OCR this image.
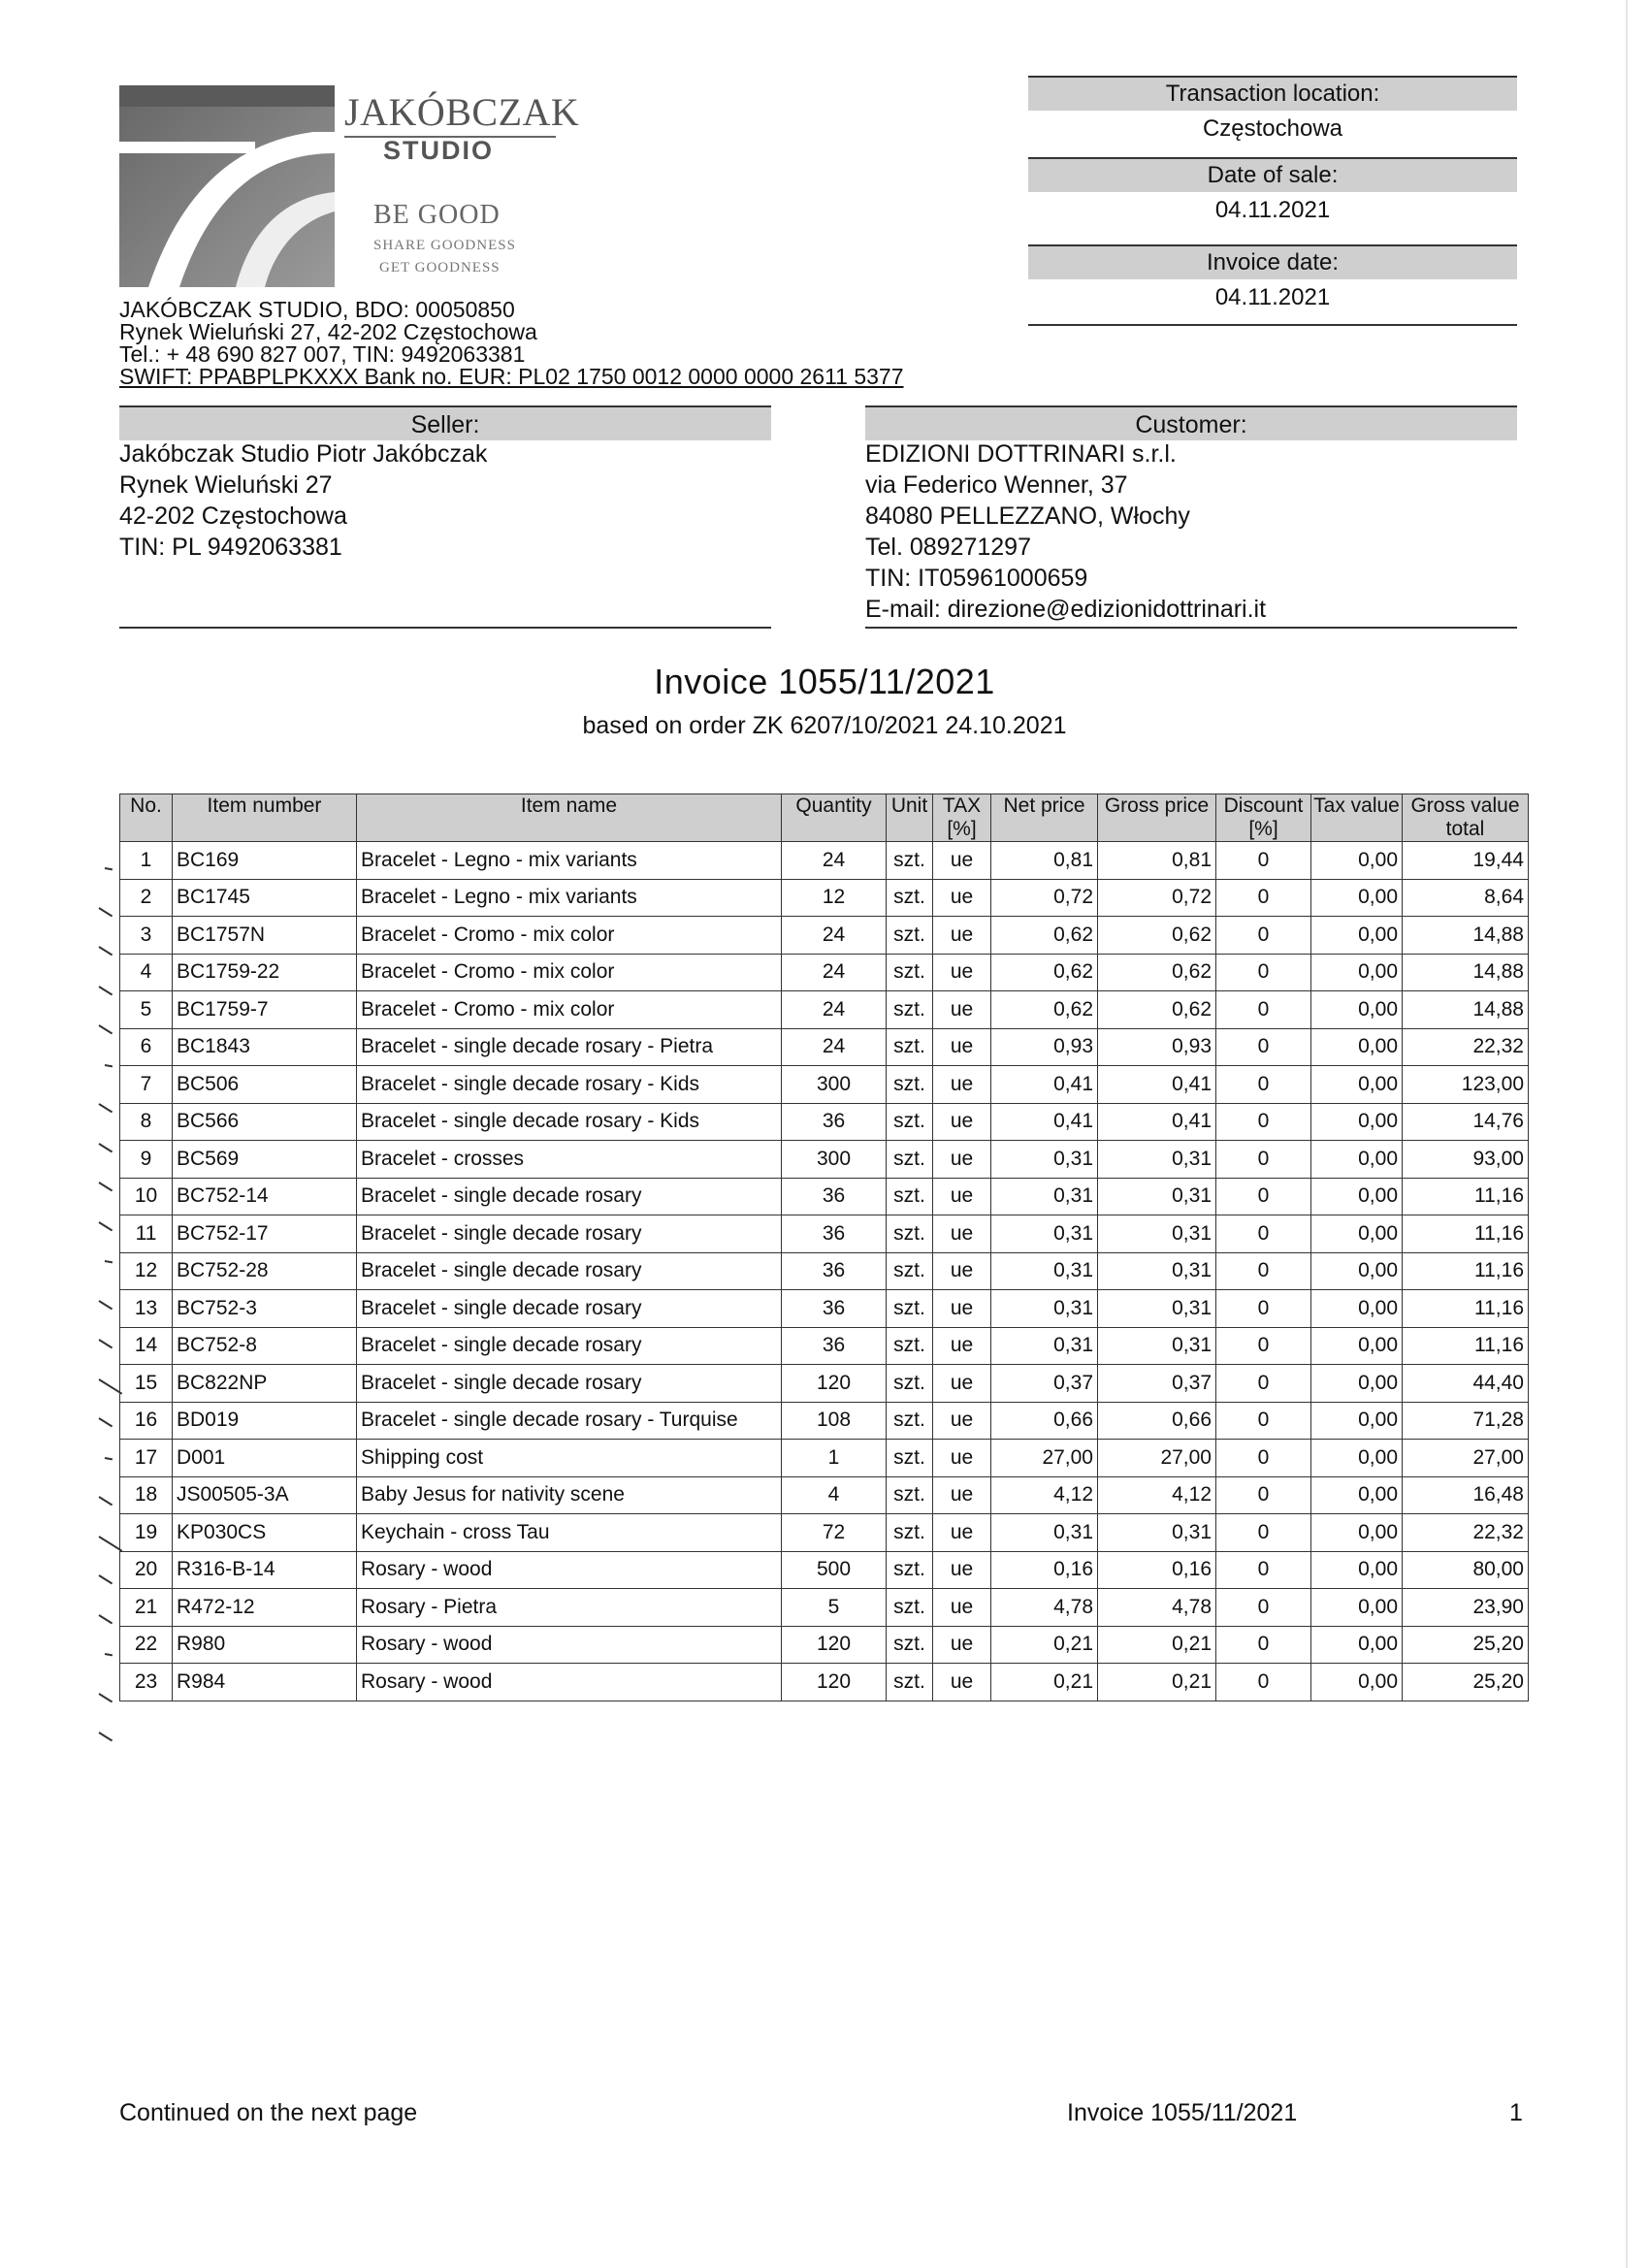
JAKÓBCZAK
STUDIO
BE GOOD
SHARE GOODNESS
GET GOODNESS
JAKÓBCZAK STUDIO, BDO: 00050850
Rynek Wieluński 27, 42-202 Częstochowa
Tel.: + 48 690 827 007, TIN: 9492063381
SWIFT: PPABPLPKXXX Bank no. EUR: PL02 1750 0012 0000 0000 2611 5377
Transaction location:
Częstochowa
Date of sale:
04.11.2021
Invoice date:
04.11.2021
Seller:
Jakóbczak Studio Piotr Jakóbczak
Rynek Wieluński 27
42-202 Częstochowa
TIN: PL 9492063381
Customer:
EDIZIONI DOTTRINARI s.r.l.
via Federico Wenner, 37
84080 PELLEZZANO, Włochy
Tel. 089271297
TIN: IT05961000659
E-mail: direzione@edizionidottrinari.it
Invoice 1055/11/2021
based on order ZK 6207/10/2021 24.10.2021
No.	Item number	Item name	Quantity	Unit	TAX [%]	Net price	Gross price	Discount [%]	Tax value	Gross value total
1	BC169	Bracelet - Legno - mix variants	24	szt.	ue	0,81	0,81	0	0,00	19,44
2	BC1745	Bracelet - Legno - mix variants	12	szt.	ue	0,72	0,72	0	0,00	8,64
3	BC1757N	Bracelet - Cromo - mix color	24	szt.	ue	0,62	0,62	0	0,00	14,88
4	BC1759-22	Bracelet - Cromo - mix color	24	szt.	ue	0,62	0,62	0	0,00	14,88
5	BC1759-7	Bracelet - Cromo - mix color	24	szt.	ue	0,62	0,62	0	0,00	14,88
6	BC1843	Bracelet - single decade rosary - Pietra	24	szt.	ue	0,93	0,93	0	0,00	22,32
7	BC506	Bracelet - single decade rosary - Kids	300	szt.	ue	0,41	0,41	0	0,00	123,00
8	BC566	Bracelet - single decade rosary - Kids	36	szt.	ue	0,41	0,41	0	0,00	14,76
9	BC569	Bracelet - crosses	300	szt.	ue	0,31	0,31	0	0,00	93,00
10	BC752-14	Bracelet - single decade rosary	36	szt.	ue	0,31	0,31	0	0,00	11,16
11	BC752-17	Bracelet - single decade rosary	36	szt.	ue	0,31	0,31	0	0,00	11,16
12	BC752-28	Bracelet - single decade rosary	36	szt.	ue	0,31	0,31	0	0,00	11,16
13	BC752-3	Bracelet - single decade rosary	36	szt.	ue	0,31	0,31	0	0,00	11,16
14	BC752-8	Bracelet - single decade rosary	36	szt.	ue	0,31	0,31	0	0,00	11,16
15	BC822NP	Bracelet - single decade rosary	120	szt.	ue	0,37	0,37	0	0,00	44,40
16	BD019	Bracelet - single decade rosary - Turquise	108	szt.	ue	0,66	0,66	0	0,00	71,28
17	D001	Shipping cost	1	szt.	ue	27,00	27,00	0	0,00	27,00
18	JS00505-3A	Baby Jesus for nativity scene	4	szt.	ue	4,12	4,12	0	0,00	16,48
19	KP030CS	Keychain - cross Tau	72	szt.	ue	0,31	0,31	0	0,00	22,32
20	R316-B-14	Rosary - wood	500	szt.	ue	0,16	0,16	0	0,00	80,00
21	R472-12	Rosary - Pietra	5	szt.	ue	4,78	4,78	0	0,00	23,90
22	R980	Rosary - wood	120	szt.	ue	0,21	0,21	0	0,00	25,20
23	R984	Rosary - wood	120	szt.	ue	0,21	0,21	0	0,00	25,20
Continued on the next page	Invoice 1055/11/2021	1
